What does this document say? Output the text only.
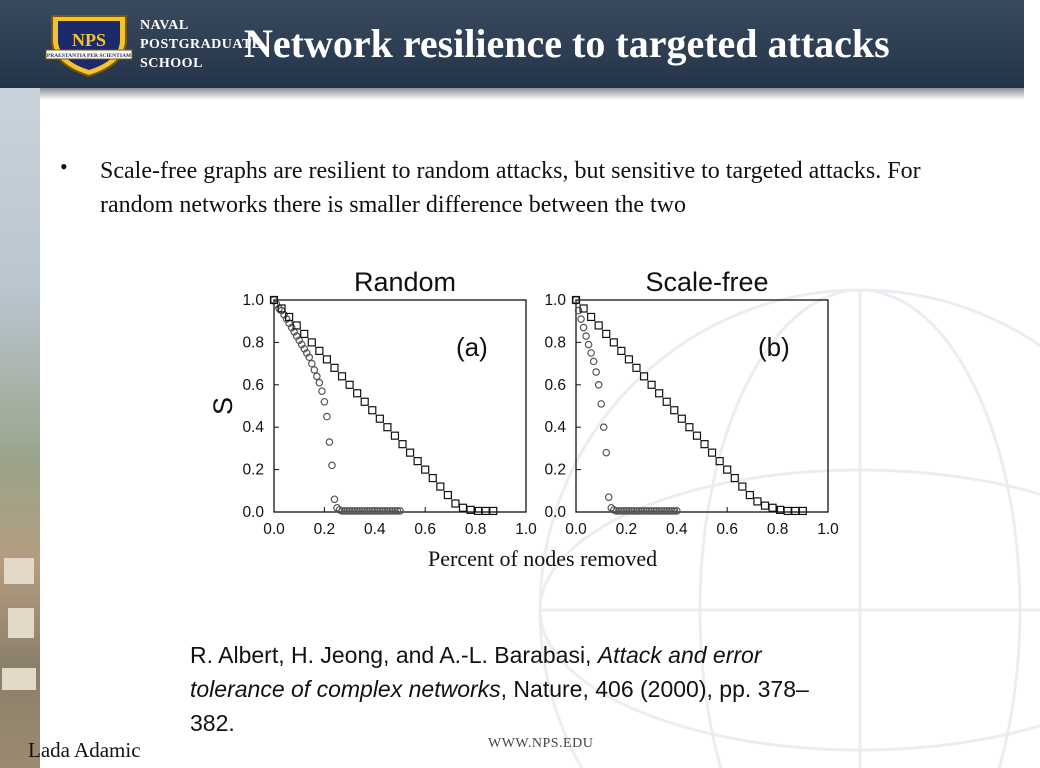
NPS
PRAESTANTIA PER SCIENTIAM
NAVAL
POSTGRADUATE
SCHOOL	Network resilience to targeted attacks
• Scale-free graphs are resilient to random attacks, but sensitive to targeted attacks. For random networks there is smaller difference between the two
Random
(a)
0.0 0.2 0.4 0.6 0.8 1.0
0.0
0.2
0.4
0.6
0.8
1.0
S
Scale-free
(b)
0.0 0.2 0.4 0.6 0.8 1.0
0.0
0.2
0.4
0.6
0.8
1.0
Percent of nodes removed
R. Albert, H. Jeong, and A.-L. Barabasi, Attack and error tolerance of complex networks, Nature, 406 (2000), pp. 378–382.
Lada Adamic	WWW.NPS.EDU
